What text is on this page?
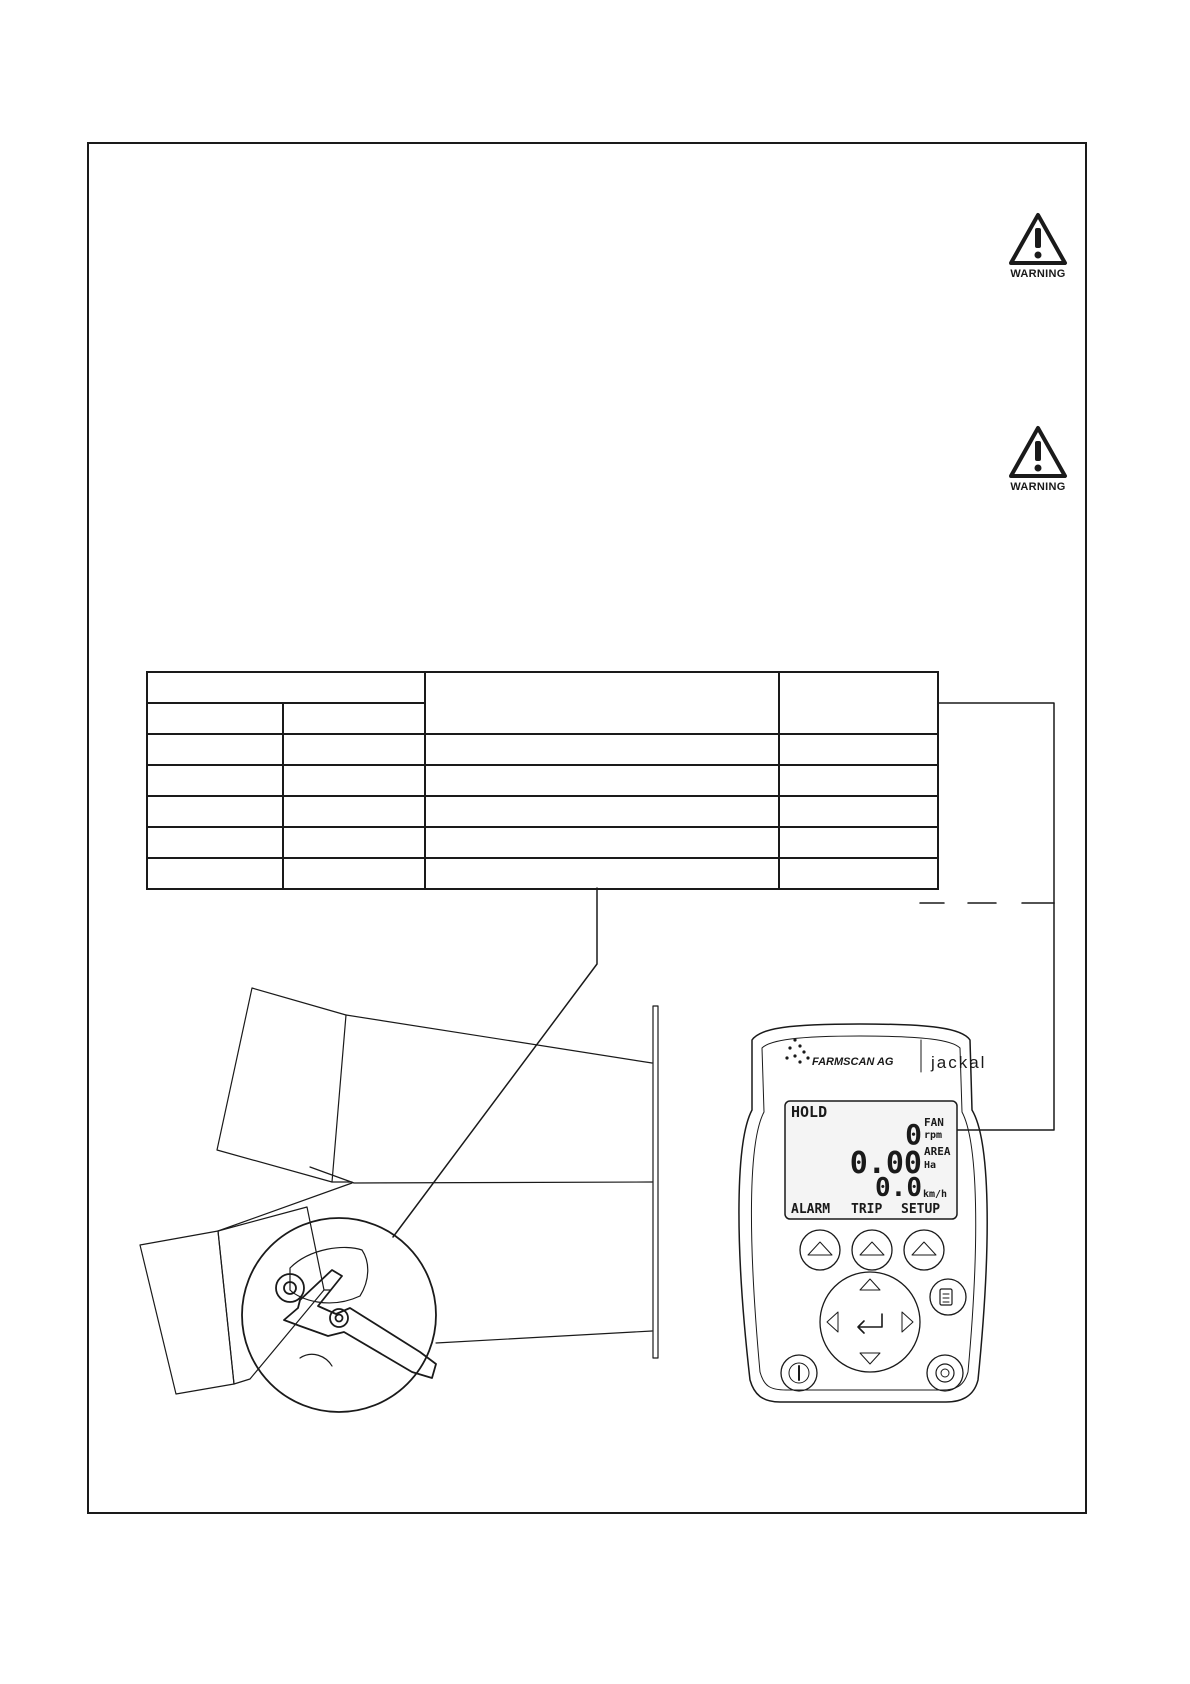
WARNING
WARNING

FARMSCAN AG jackal
HOLD
0 FAN
rpm
0.00 AREA
Ha
0.0 km/h
ALARM TRIP SETUP
